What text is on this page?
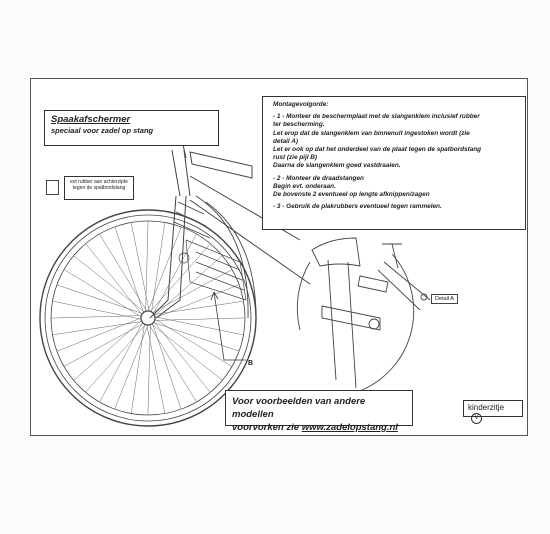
Spaakafschermer
speciaal voor zadel op stang
evt rubber aan achterzijde tegen de spatbordstang

Montagevolgorde:

- 1 - Monteer de beschermplaat met de slangenklem inclusief rubber

ter bescherming.

Let erop dat de slangenklem van binnenuit ingestoken wordt (zie

detail A)

Let er ook op dat het onderdeel van de plaat tegen de spatbordstang

rust (zie pijl B)

Daarna de slangenklem goed vastdraaien.

- 2 - Monteer de draadstangen

Begin evt. onderaan.

De bovenste 2 eventueel op lengte afknippen/zagen

- 3 - Gebruik de plakrubbers eventueel tegen rammelen.

Detail A
B
Voor voorbeelden van andere modellen
voorvorken zie www.zadelopstang.nl
kinderzitje V
